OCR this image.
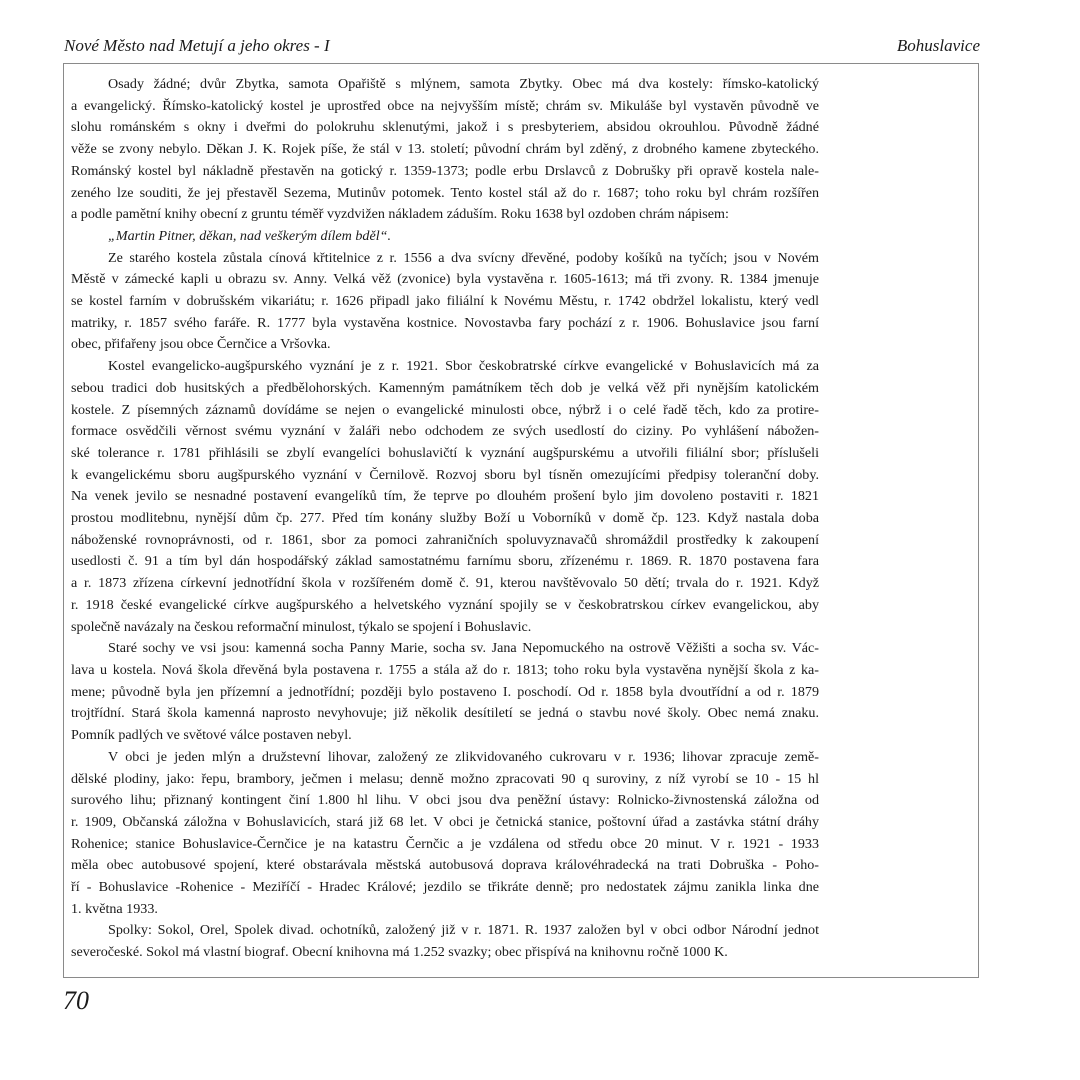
Nové Město nad Metují a jeho okres - I	Bohuslavice
Osady žádné; dvůr Zbytka, samota Opařiště s mlýnem, samota Zbytky. Obec má dva kostely: římsko-katolický
a evangelický. Římsko-katolický kostel je uprostřed obce na nejvyšším místě; chrám sv. Mikuláše byl vystavěn původně ve
slohu románském s okny i dveřmi do polokruhu sklenutými, jakož i s presbyteriem, absidou okrouhlou. Původně žádné
věže se zvony nebylo. Děkan J. K. Rojek píše, že stál v 13. století; původní chrám byl zděný, z drobného kamene zbyteckého.
Románský kostel byl nákladně přestavěn na gotický r. 1359-1373; podle erbu Drslavců z Dobrušky při opravě kostela nale-
zeného lze souditi, že jej přestavěl Sezema, Mutinův potomek. Tento kostel stál až do r. 1687; toho roku byl chrám rozšířen
a podle pamětní knihy obecní z gruntu téměř vyzdvižen nákladem záduším. Roku 1638 byl ozdoben chrám nápisem:
„Martin Pitner, děkan, nad veškerým dílem bděl“.
Ze starého kostela zůstala cínová křtitelnice z r. 1556 a dva svícny dřevěné, podoby košíků na tyčích; jsou v Novém
Městě v zámecké kapli u obrazu sv. Anny. Velká věž (zvonice) byla vystavěna r. 1605-1613; má tři zvony. R. 1384 jmenuje
se kostel farním v dobrušském vikariátu; r. 1626 připadl jako filiální k Novému Městu, r. 1742 obdržel lokalistu, který vedl
matriky, r. 1857 svého faráře. R. 1777 byla vystavěna kostnice. Novostavba fary pochází z r. 1906. Bohuslavice jsou farní
obec, přifařeny jsou obce Černčice a Vršovka.
Kostel evangelicko-augšpurského vyznání je z r. 1921. Sbor českobratrské církve evangelické v Bohuslavicích má za
sebou tradici dob husitských a předbělohorských. Kamenným památníkem těch dob je velká věž při nynějším katolickém
kostele. Z písemných záznamů dovídáme se nejen o evangelické minulosti obce, nýbrž i o celé řadě těch, kdo za protire-
formace osvědčili věrnost svému vyznání v žaláři nebo odchodem ze svých usedlostí do ciziny. Po vyhlášení nábožen-
ské tolerance r. 1781 přihlásili se zbylí evangelíci bohuslavičtí k vyznání augšpurskému a utvořili filiální sbor; příslušeli
k evangelickému sboru augšpurského vyznání v Černilově. Rozvoj sboru byl tísněn omezujícími předpisy toleranční doby.
Na venek jevilo se nesnadné postavení evangelíků tím, že teprve po dlouhém prošení bylo jim dovoleno postaviti r. 1821
prostou modlitebnu, nynější dům čp. 277. Před tím konány služby Boží u Voborníků v domě čp. 123. Když nastala doba
náboženské rovnoprávnosti, od r. 1861, sbor za pomoci zahraničních spoluvyznavačů shromáždil prostředky k zakoupení
usedlosti č. 91 a tím byl dán hospodářský základ samostatnému farnímu sboru, zřízenému r. 1869. R. 1870 postavena fara
a r. 1873 zřízena církevní jednotřídní škola v rozšířeném domě č. 91, kterou navštěvovalo 50 dětí; trvala do r. 1921. Když
r. 1918 české evangelické církve augšpurského a helvetského vyznání spojily se v českobratrskou církev evangelickou, aby
společně navázaly na českou reformační minulost, týkalo se spojení i Bohuslavic.
Staré sochy ve vsi jsou: kamenná socha Panny Marie, socha sv. Jana Nepomuckého na ostrově Věžišti a socha sv. Vác-
lava u kostela. Nová škola dřevěná byla postavena r. 1755 a stála až do r. 1813; toho roku byla vystavěna nynější škola z ka-
mene; původně byla jen přízemní a jednotřídní; později bylo postaveno I. poschodí. Od r. 1858 byla dvoutřídní a od r. 1879
trojtřídní. Stará škola kamenná naprosto nevyhovuje; již několik desítiletí se jedná o stavbu nové školy. Obec nemá znaku.
Pomník padlých ve světové válce postaven nebyl.
V obci je jeden mlýn a družstevní lihovar, založený ze zlikvidovaného cukrovaru v r. 1936; lihovar zpracuje země-
dělské plodiny, jako: řepu, brambory, ječmen i melasu; denně možno zpracovati 90 q suroviny, z níž vyrobí se 10 - 15 hl
surového lihu; přiznaný kontingent činí 1.800 hl lihu. V obci jsou dva peněžní ústavy: Rolnicko-živnostenská záložna od
r. 1909, Občanská záložna v Bohuslavicích, stará již 68 let. V obci je četnická stanice, poštovní úřad a zastávka státní dráhy
Rohenice; stanice Bohuslavice-Černčice je na katastru Černčic a je vzdálena od středu obce 20 minut. V r. 1921 - 1933
měla obec autobusové spojení, které obstarávala městská autobusová doprava královéhradecká na trati Dobruška - Poho-
ří - Bohuslavice -Rohenice - Meziříčí - Hradec Králové; jezdilo se třikráte denně; pro nedostatek zájmu zanikla linka dne
1. května 1933.
Spolky: Sokol, Orel, Spolek divad. ochotníků, založený již v r. 1871. R. 1937 založen byl v obci odbor Národní jednot
severočeské. Sokol má vlastní biograf. Obecní knihovna má 1.252 svazky; obec přispívá na knihovnu ročně 1000 K.
70
